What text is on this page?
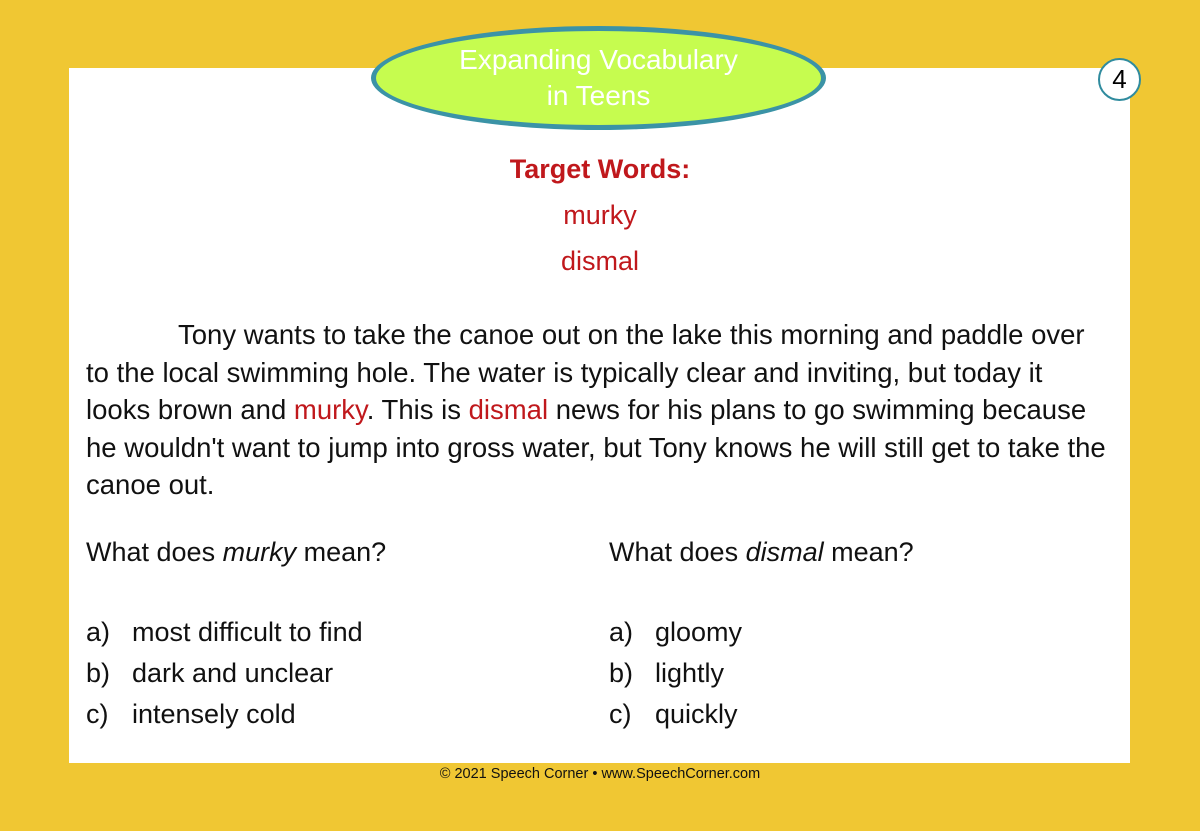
Expanding Vocabulary
in Teens
4
Target Words:
murky
dismal
Tony wants to take the canoe out on the lake this morning and paddle over to the local swimming hole. The water is typically clear and inviting, but today it looks brown and murky. This is dismal news for his plans to go swimming because he wouldn't want to jump into gross water, but Tony knows he will still get to take the canoe out.
What does murky mean?	What does dismal mean?
a) most difficult to find
b) dark and unclear
c) intensely cold
a) gloomy
b) lightly
c) quickly
© 2021 Speech Corner • www.SpeechCorner.com
